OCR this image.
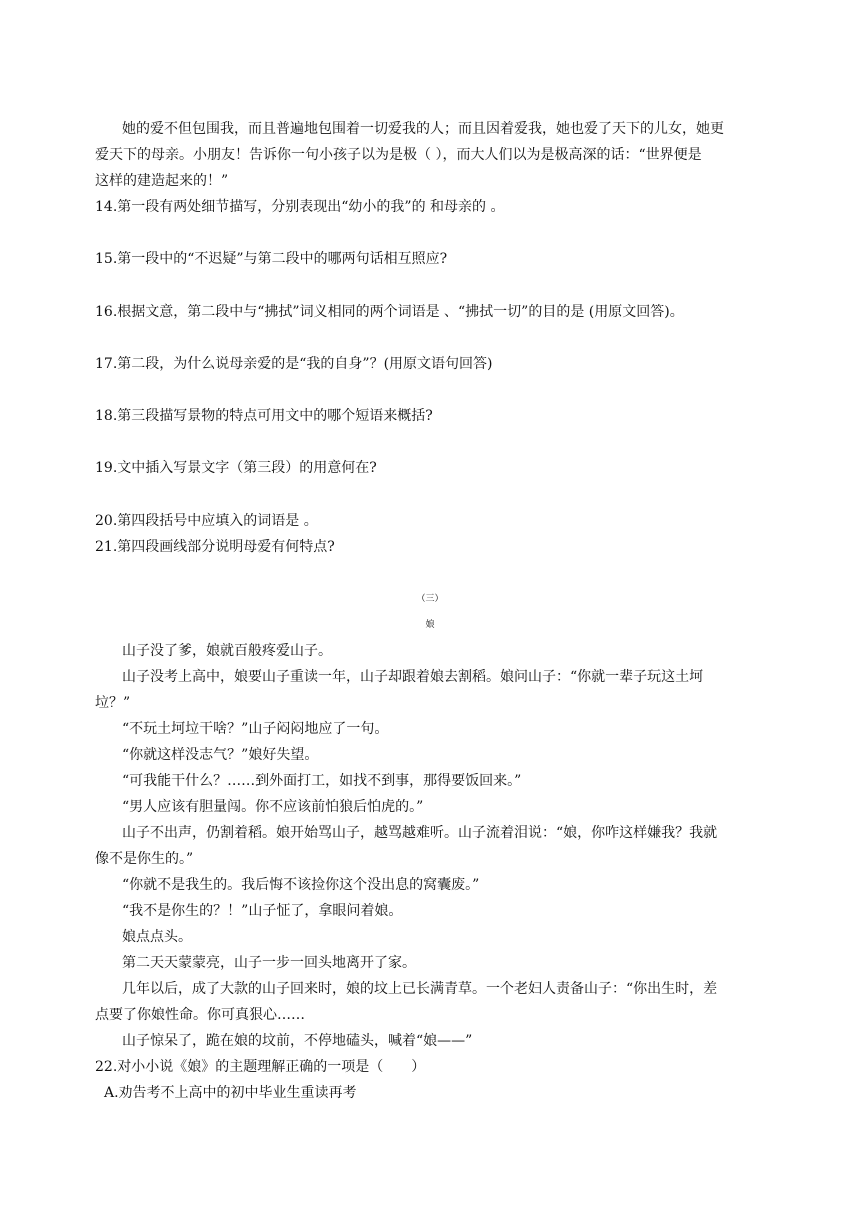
她的爱不但包围我，而且普遍地包围着一切爱我的人；而且因着爱我，她也爱了天下的儿女，她更
爱天下的母亲。小朋友！告诉你一句小孩子以为是极（ ），而大人们以为是极高深的话：“世界便是
这样的建造起来的！”
14.第一段有两处细节描写，分别表现出“幼小的我”的 和母亲的 。
15.第一段中的“不迟疑”与第二段中的哪两句话相互照应?
16.根据文意，第二段中与“拂拭”词义相同的两个词语是 、“拂拭一切”的目的是 (用原文回答)。
17.第二段，为什么说母亲爱的是“我的自身”？(用原文语句回答)
18.第三段描写景物的特点可用文中的哪个短语来概括?
19.文中插入写景文字（第三段）的用意何在?
20.第四段括号中应填入的词语是 。
21.第四段画线部分说明母爱有何特点?
（三）
娘
山子没了爹，娘就百般疼爱山子。
山子没考上高中，娘要山子重读一年，山子却跟着娘去割稻。娘问山子：“你就一辈子玩这土坷
垃？”
“不玩土坷垃干啥？”山子闷闷地应了一句。
“你就这样没志气？”娘好失望。
“可我能干什么？……到外面打工，如找不到事，那得要饭回来。”
“男人应该有胆量闯。你不应该前怕狼后怕虎的。”
山子不出声，仍割着稻。娘开始骂山子，越骂越难听。山子流着泪说：“娘，你咋这样嫌我？我就
像不是你生的。”
“你就不是我生的。我后悔不该捡你这个没出息的窝囊废。”
“我不是你生的？！”山子怔了，拿眼问着娘。
娘点点头。
第二天天蒙蒙亮，山子一步一回头地离开了家。
几年以后，成了大款的山子回来时，娘的坟上已长满青草。一个老妇人责备山子：“你出生时，差
点要了你娘性命。你可真狠心……
山子惊呆了，跪在娘的坟前，不停地磕头，喊着“娘——”
22.对小小说《娘》的主题理解正确的一项是（　　）
A.劝告考不上高中的初中毕业生重读再考
